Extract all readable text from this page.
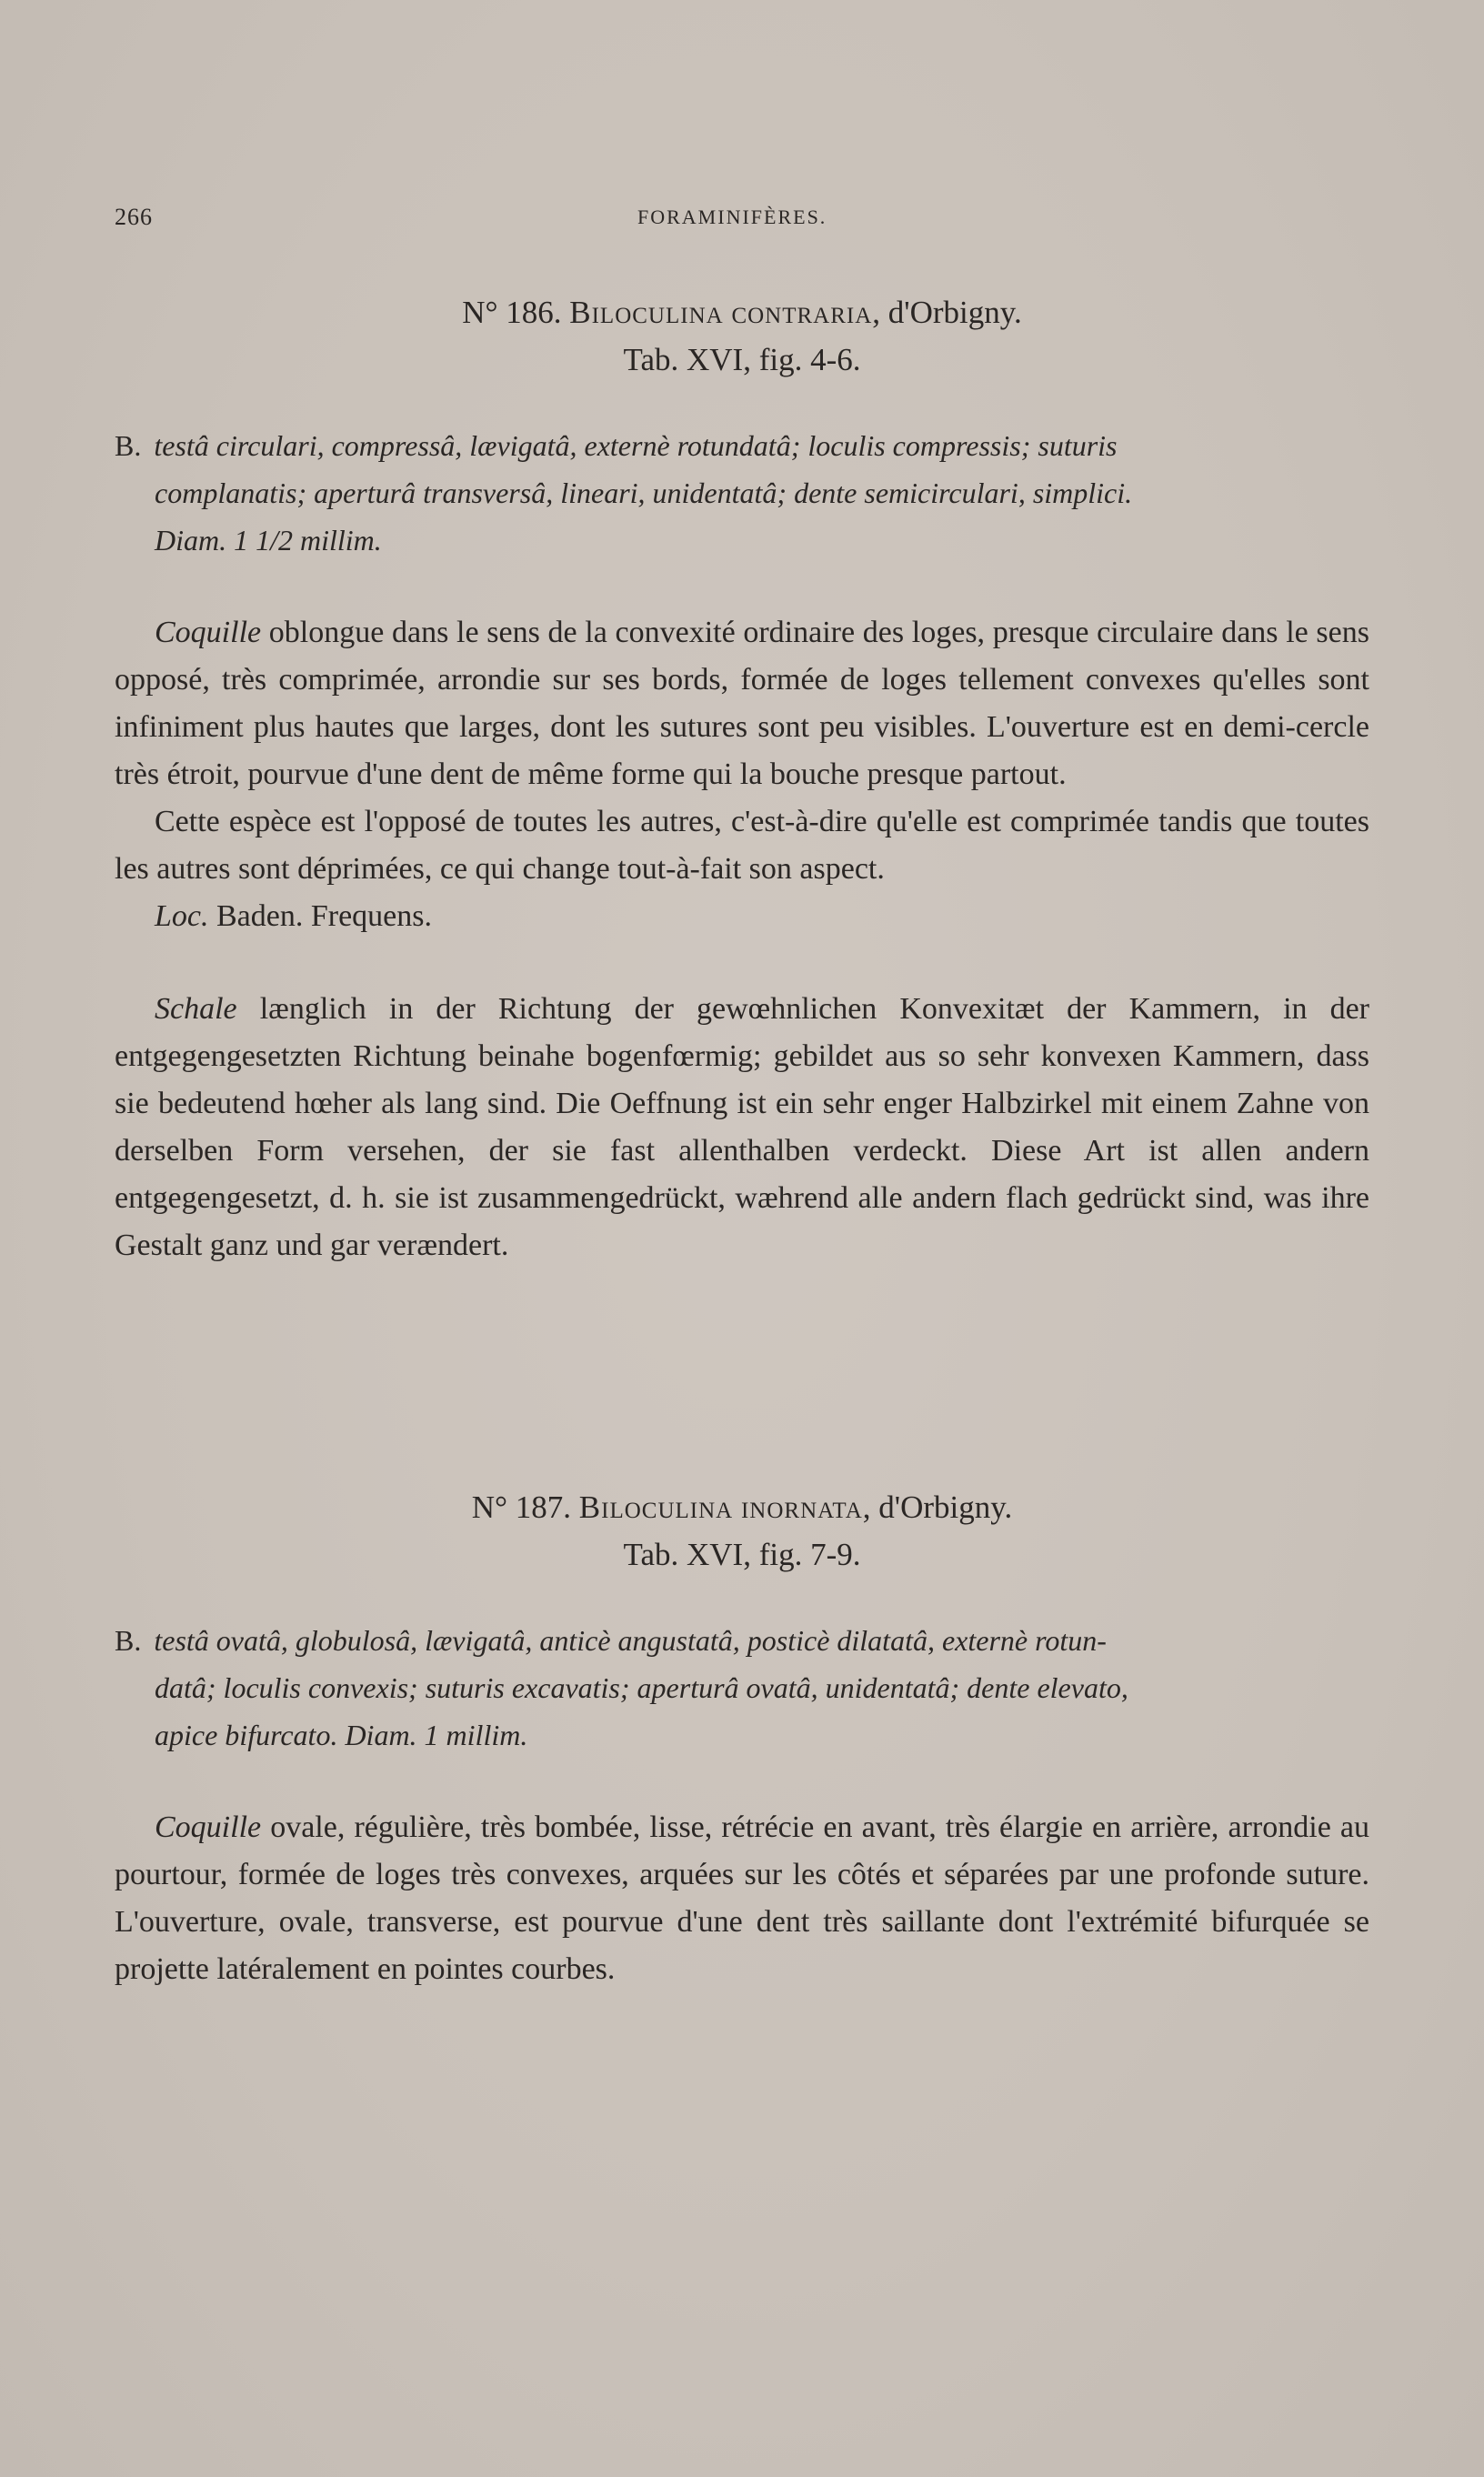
266	FORAMINIFÈRES.
N° 186. Biloculina contraria, d'Orbigny.
Tab. XVI, fig. 4-6.
B. testâ circulari, compressâ, lævigatâ, externè rotundatâ; loculis compressis; suturis
complanatis; aperturâ transversâ, lineari, unidentatâ; dente semicirculari, simplici.
Diam. 1 1/2 millim.

Coquille oblongue dans le sens de la convexité ordinaire des loges, presque circulaire dans le sens opposé, très comprimée, arrondie sur ses bords, formée de loges tellement convexes qu'elles sont infiniment plus hautes que larges, dont les sutures sont peu visibles. L'ouverture est en demi-cercle très étroit, pourvue d'une dent de même forme qui la bouche presque partout.

Cette espèce est l'opposé de toutes les autres, c'est-à-dire qu'elle est comprimée tandis que toutes les autres sont déprimées, ce qui change tout-à-fait son aspect.

Loc. Baden. Frequens.

Schale længlich in der Richtung der gewœhnlichen Konvexitæt der Kammern, in der entgegengesetzten Richtung beinahe bogenfœrmig; gebildet aus so sehr konvexen Kammern, dass sie bedeutend hœher als lang sind. Die Oeffnung ist ein sehr enger Halbzirkel mit einem Zahne von derselben Form versehen, der sie fast allenthalben verdeckt. Diese Art ist allen andern entgegengesetzt, d. h. sie ist zusammengedrückt, wæhrend alle andern flach gedrückt sind, was ihre Gestalt ganz und gar verændert.

N° 187. Biloculina inornata, d'Orbigny.
Tab. XVI, fig. 7-9.
B. testâ ovatâ, globulosâ, lævigatâ, anticè angustatâ, posticè dilatatâ, externè rotun-
datâ; loculis convexis; suturis excavatis; aperturâ ovatâ, unidentatâ; dente elevato,
apice bifurcato. Diam. 1 millim.

Coquille ovale, régulière, très bombée, lisse, rétrécie en avant, très élargie en arrière, arrondie au pourtour, formée de loges très convexes, arquées sur les côtés et séparées par une profonde suture. L'ouverture, ovale, transverse, est pourvue d'une dent très saillante dont l'extrémité bifurquée se projette latéralement en pointes courbes.
